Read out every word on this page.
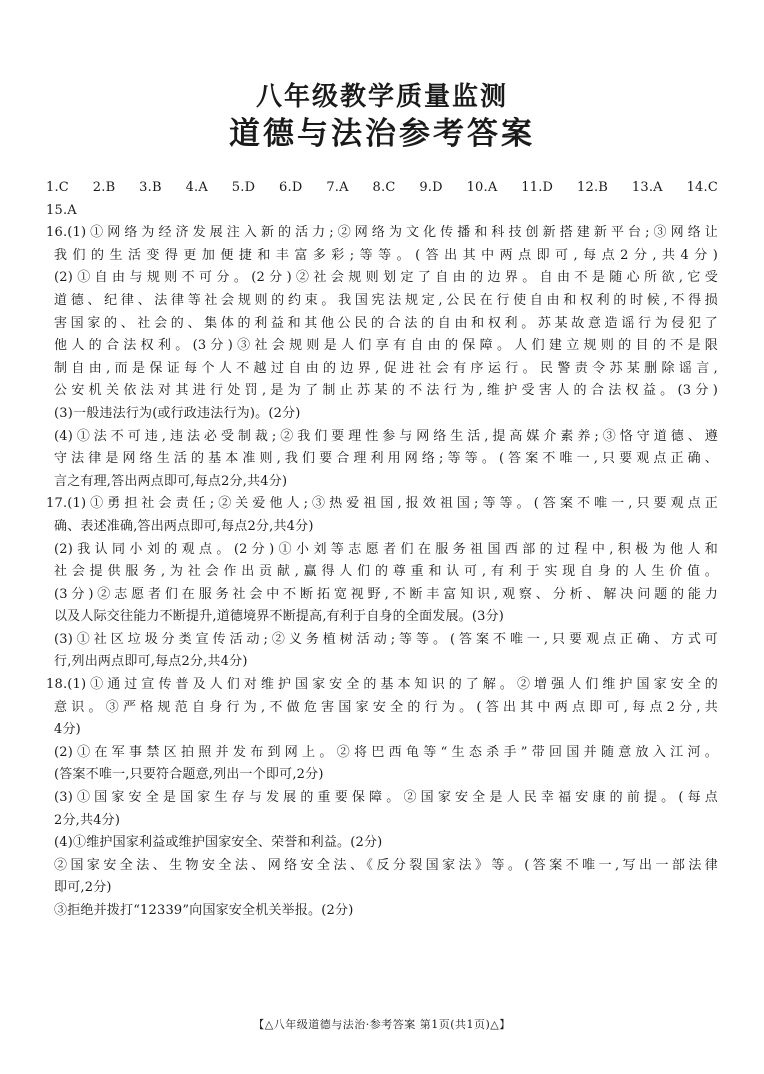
八年级教学质量监测
道德与法治参考答案
1.C 2.B 3.B 4.A 5.D 6.D 7.A 8.C 9.D 10.A 11.D 12.B 13.A 14.C
15.A
16.(1)①网络为经济发展注入新的活力;②网络为文化传播和科技创新搭建新平台;③网络让
我们的生活变得更加便捷和丰富多彩;等等。(答出其中两点即可,每点2分,共4分)
(2)①自由与规则不可分。(2分)②社会规则划定了自由的边界。自由不是随心所欲,它受
道德、纪律、法律等社会规则的约束。我国宪法规定,公民在行使自由和权利的时候,不得损
害国家的、社会的、集体的利益和其他公民的合法的自由和权利。苏某故意造谣行为侵犯了
他人的合法权利。(3分)③社会规则是人们享有自由的保障。人们建立规则的目的不是限
制自由,而是保证每个人不越过自由的边界,促进社会有序运行。民警责令苏某删除谣言,
公安机关依法对其进行处罚,是为了制止苏某的不法行为,维护受害人的合法权益。(3分)
(3)一般违法行为(或行政违法行为)。(2分)
(4)①法不可违,违法必受制裁;②我们要理性参与网络生活,提高媒介素养;③恪守道德、遵
守法律是网络生活的基本准则,我们要合理利用网络;等等。(答案不唯一,只要观点正确、
言之有理,答出两点即可,每点2分,共4分)
17.(1)①勇担社会责任;②关爱他人;③热爱祖国,报效祖国;等等。(答案不唯一,只要观点正
确、表述准确,答出两点即可,每点2分,共4分)
(2)我认同小刘的观点。(2分)①小刘等志愿者们在服务祖国西部的过程中,积极为他人和
社会提供服务,为社会作出贡献,赢得人们的尊重和认可,有利于实现自身的人生价值。
(3分)②志愿者们在服务社会中不断拓宽视野,不断丰富知识,观察、分析、解决问题的能力
以及人际交往能力不断提升,道德境界不断提高,有利于自身的全面发展。(3分)
(3)①社区垃圾分类宣传活动;②义务植树活动;等等。(答案不唯一,只要观点正确、方式可
行,列出两点即可,每点2分,共4分)
18.(1)①通过宣传普及人们对维护国家安全的基本知识的了解。②增强人们维护国家安全的
意识。③严格规范自身行为,不做危害国家安全的行为。(答出其中两点即可,每点2分,共
4分)
(2)①在军事禁区拍照并发布到网上。②将巴西龟等“生态杀手”带回国并随意放入江河。
(答案不唯一,只要符合题意,列出一个即可,2分)
(3)①国家安全是国家生存与发展的重要保障。②国家安全是人民幸福安康的前提。(每点
2分,共4分)
(4)①维护国家利益或维护国家安全、荣誉和利益。(2分)
②国家安全法、生物安全法、网络安全法、《反分裂国家法》等。(答案不唯一,写出一部法律
即可,2分)
③拒绝并拨打“12339”向国家安全机关举报。(2分)
【△八年级道德与法治·参考答案 第1页(共1页)△】
